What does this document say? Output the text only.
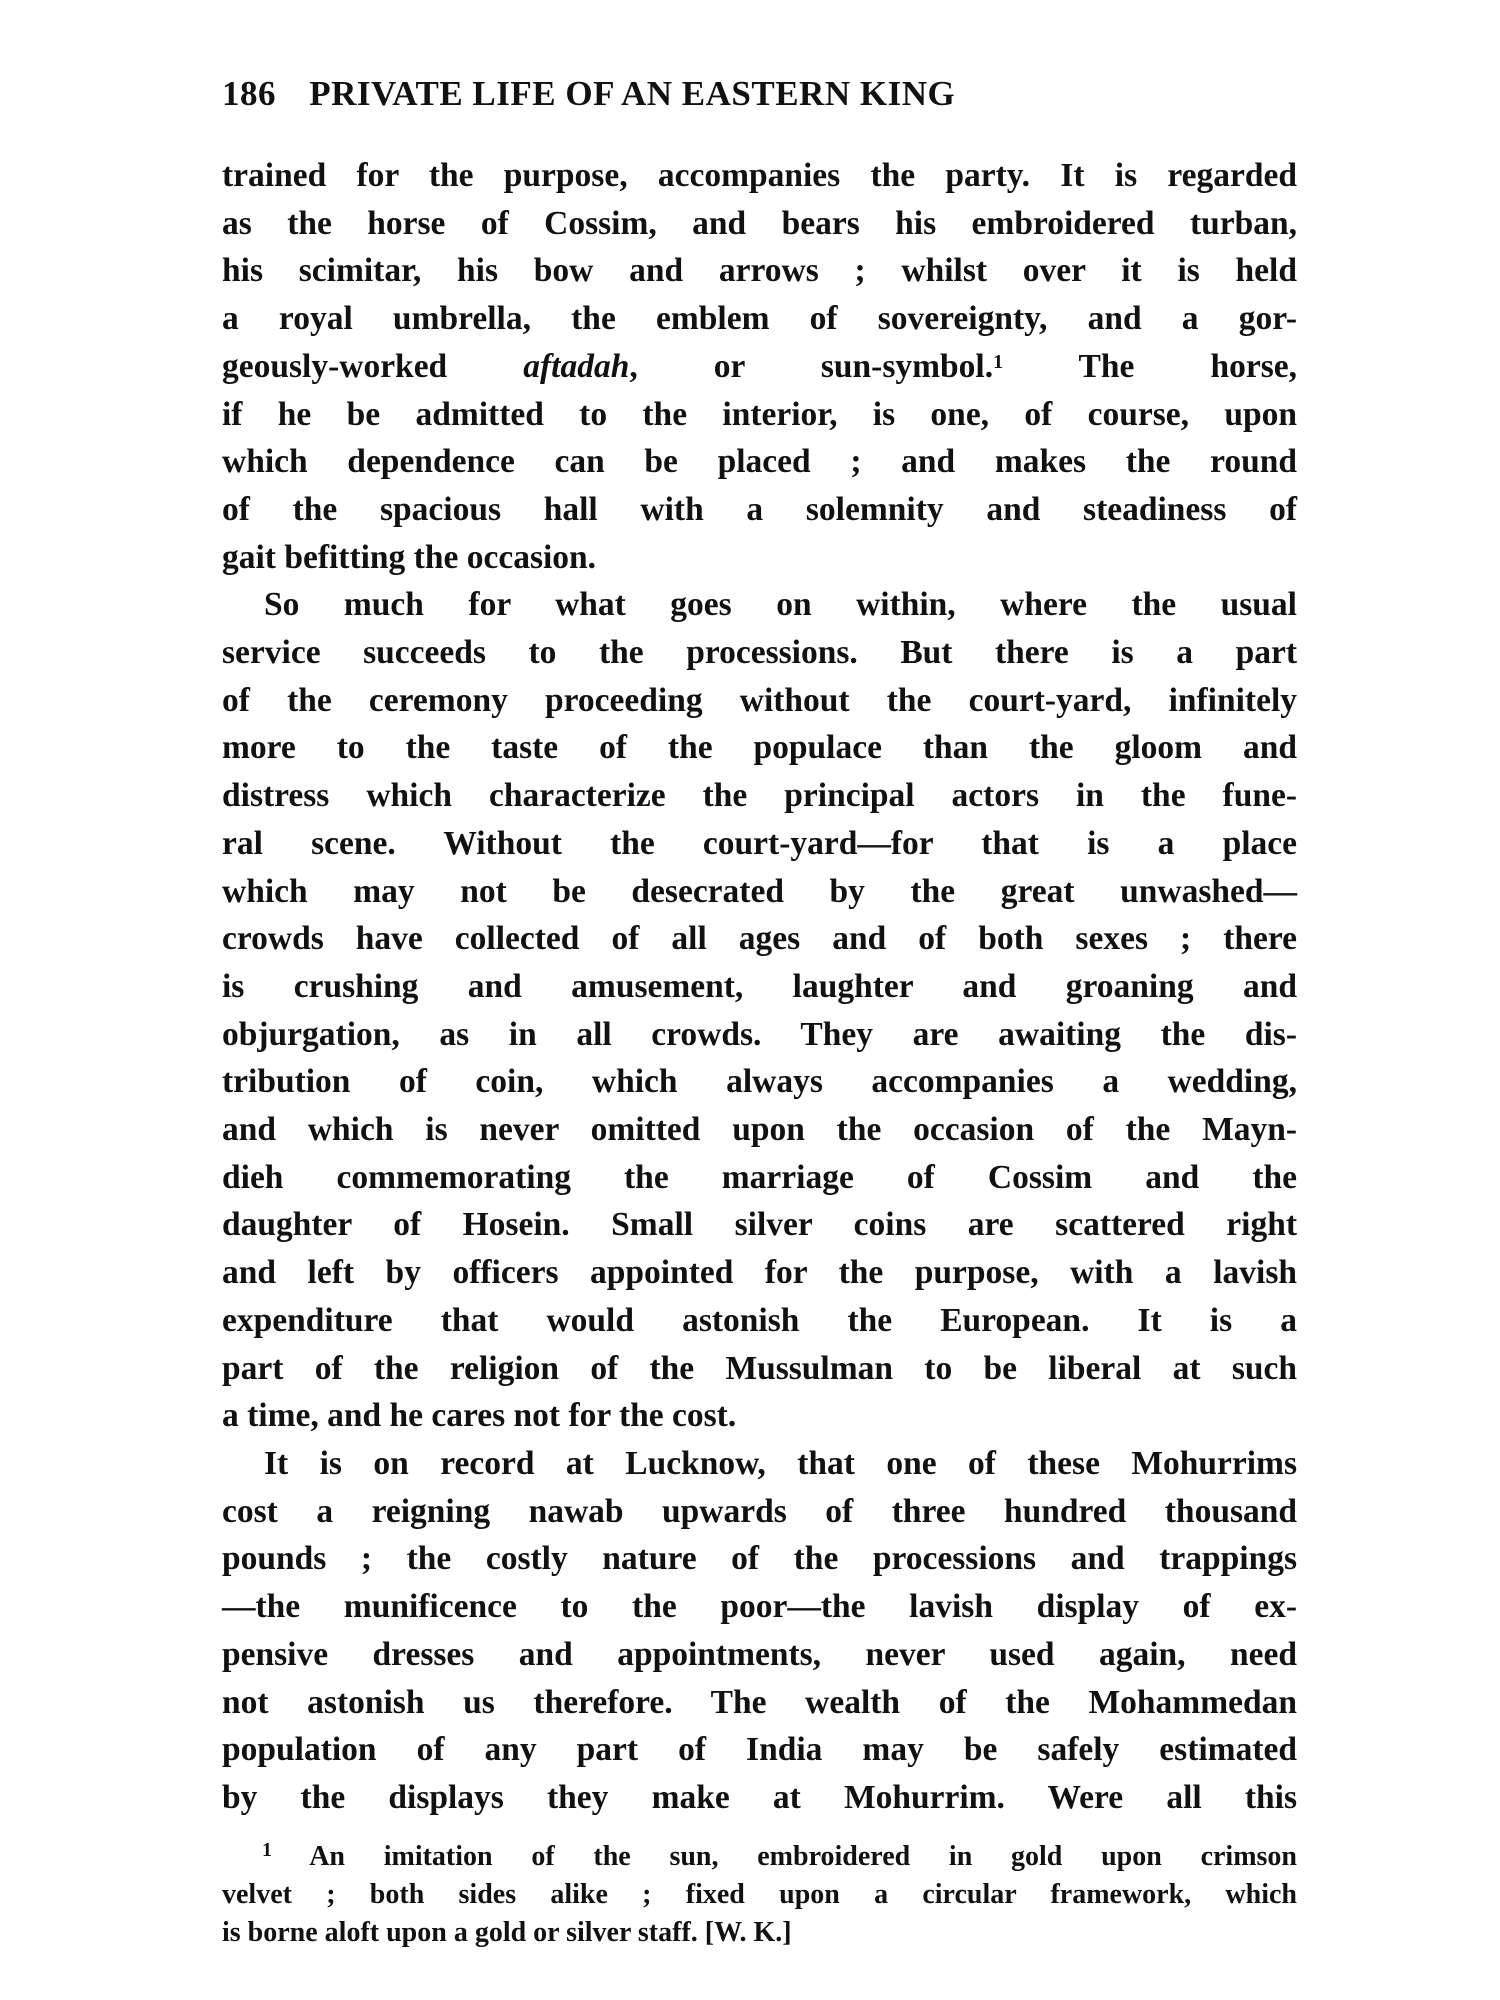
186 PRIVATE LIFE OF AN EASTERN KING
trained for the purpose, accompanies the party. It is regarded
as the horse of Cossim, and bears his embroidered turban,
his scimitar, his bow and arrows ; whilst over it is held
a royal umbrella, the emblem of sovereignty, and a gor-
geously-worked aftadah, or sun-symbol.$^1$ The horse,
if he be admitted to the interior, is one, of course, upon
which dependence can be placed ; and makes the round
of the spacious hall with a solemnity and steadiness of
gait befitting the occasion.
So much for what goes on within, where the usual
service succeeds to the processions. But there is a part
of the ceremony proceeding without the court-yard, infinitely
more to the taste of the populace than the gloom and
distress which characterize the principal actors in the fune-
ral scene. Without the court-yard—for that is a place
which may not be desecrated by the great unwashed—
crowds have collected of all ages and of both sexes ; there
is crushing and amusement, laughter and groaning and
objurgation, as in all crowds. They are awaiting the dis-
tribution of coin, which always accompanies a wedding,
and which is never omitted upon the occasion of the Mayn-
dieh commemorating the marriage of Cossim and the
daughter of Hosein. Small silver coins are scattered right
and left by officers appointed for the purpose, with a lavish
expenditure that would astonish the European. It is a
part of the religion of the Mussulman to be liberal at such
a time, and he cares not for the cost.
It is on record at Lucknow, that one of these Mohurrims
cost a reigning nawab upwards of three hundred thousand
pounds ; the costly nature of the processions and trappings
—the munificence to the poor—the lavish display of ex-
pensive dresses and appointments, never used again, need
not astonish us therefore. The wealth of the Mohammedan
population of any part of India may be safely estimated
by the displays they make at Mohurrim. Were all this
$^1$ An imitation of the sun, embroidered in gold upon crimson
velvet ; both sides alike ; fixed upon a circular framework, which
is borne aloft upon a gold or silver staff. [W. K.]
